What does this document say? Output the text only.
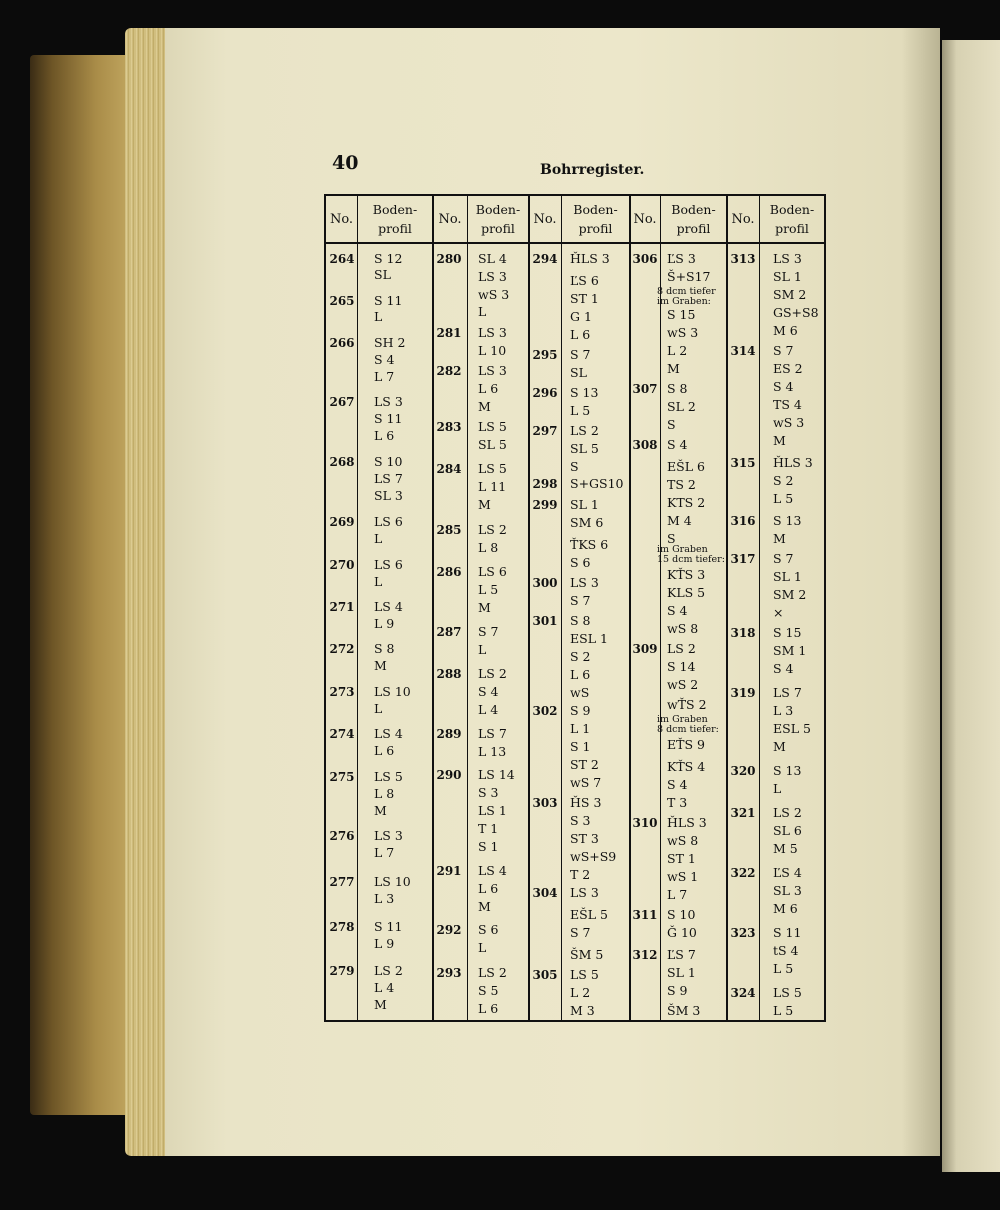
40	Bohrregister.
No.
Boden-
profil
No.
Boden-
profil
No.
Boden-
profil
No.
Boden-
profil
No.
Boden-
profil
264 S 12
SL
265 S 11
L
266 SH 2
S 4
L 7
267 LS 3
S 11
L 6
268 S 10
LS 7
SL 3
269 LS 6
L
270 LS 6
L
271 LS 4
L 9
272 S 8
M
273 LS 10
L
274 LS 4
L 6
275 LS 5
L 8
M
276 LS 3
L 7
277 LS 10
L 3
278 S 11
L 9
279 LS 2
L 4
M
280 SL 4
LS 3
wS 3
L
281 LS 3
L 10
282 LS 3
L 6
M
283 LS 5
SL 5
284 LS 5
L 11
M
285 LS 2
L 8
286 LS 6
L 5
M
287 S 7
L
288 LS 2
S 4
L 4
289 LS 7
L 13
290 LS 14
S 3
LS 1
T 1
S 1
291 LS 4
L 6
M
292 S 6
L
293 LS 2
S 5
L 6
294 ȞLS 3
ĽS 6
ST 1
G 1
L 6
295 S 7
SL
296 S 13
L 5
297 LS 2
SL 5
S
298 S+GS10
299 SL 1
SM 6
ŤKS 6
S 6
300 LS 3
S 7
301 S 8
ESL 1
S 2
L 6
wS
302 S 9
L 1
S 1
ST 2
wS 7
303 ȞS 3
S 3
ST 3
wS+S9
T 2
304 LS 3
EŠL 5
S 7
ŠM 5
305 LS 5
L 2
M 3
306 ĽS 3
Š+S17
8 dcm tiefer
im Graben:
S 15
wS 3
L 2
M
307 S 8
SL 2
S
308 S 4
EŠL 6
TS 2
KTS 2
M 4
S
im Graben
15 dcm tiefer:
KŤS 3
KLS 5
S 4
wS 8
309 LS 2
S 14
wS 2
wŤS 2
im Graben
8 dcm tiefer:
EŤS 9
KŤS 4
S 4
T 3
310 ȞLS 3
wS 8
ST 1
wS 1
L 7
311 S 10
Ǧ 10
312 ĽS 7
SL 1
S 9
ŠM 3
313 LS 3
SL 1
SM 2
GS+S8
M 6
314 S 7
ES 2
S 4
TS 4
wS 3
M
315 ȞLS 3
S 2
L 5
316 S 13
M
317 S 7
SL 1
SM 2
×
318 S 15
SM 1
S 4
319 LS 7
L 3
ESL 5
M
320 S 13
L
321 LS 2
SL 6
M 5
322 ĽS 4
SL 3
M 6
323 S 11
tS 4
L 5
324 LS 5
L 5
